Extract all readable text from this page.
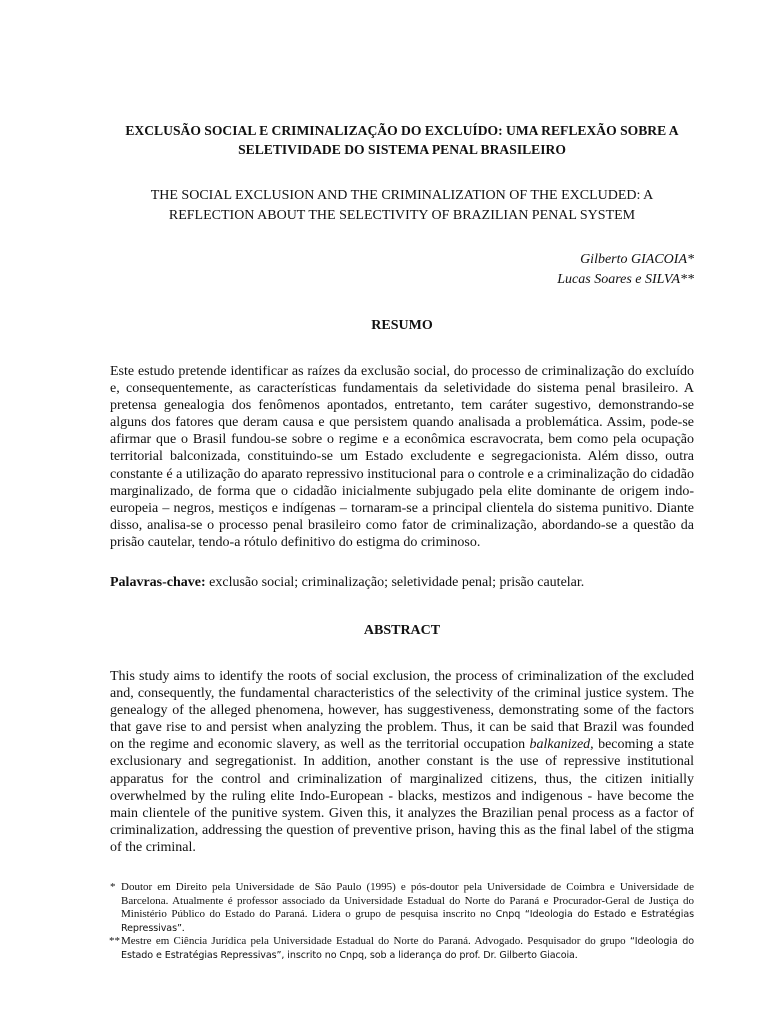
EXCLUSÃO SOCIAL E CRIMINALIZAÇÃO DO EXCLUÍDO: UMA REFLEXÃO SOBRE A SELETIVIDADE DO SISTEMA PENAL BRASILEIRO
THE SOCIAL EXCLUSION AND THE CRIMINALIZATION OF THE EXCLUDED: A REFLECTION ABOUT THE SELECTIVITY OF BRAZILIAN PENAL SYSTEM
Gilberto GIACOIA*
Lucas Soares e SILVA**
RESUMO

Este estudo pretende identificar as raízes da exclusão social, do processo de criminalização do excluído e, consequentemente, as características fundamentais da seletividade do sistema penal brasileiro. A pretensa genealogia dos fenômenos apontados, entretanto, tem caráter sugestivo, demonstrando-se alguns dos fatores que deram causa e que persistem quando analisada a problemática. Assim, pode-se afirmar que o Brasil fundou-se sobre o regime e a econômica escravocrata, bem como pela ocupação territorial balconizada, constituindo-se um Estado excludente e segregacionista. Além disso, outra constante é a utilização do aparato repressivo institucional para o controle e a criminalização do cidadão marginalizado, de forma que o cidadão inicialmente subjugado pela elite dominante de origem indo-europeia – negros, mestiços e indígenas – tornaram-se a principal clientela do sistema punitivo. Diante disso, analisa-se o processo penal brasileiro como fator de criminalização, abordando-se a questão da prisão cautelar, tendo-a rótulo definitivo do estigma do criminoso.

Palavras-chave: exclusão social; criminalização; seletividade penal; prisão cautelar.

ABSTRACT

This study aims to identify the roots of social exclusion, the process of criminalization of the excluded and, consequently, the fundamental characteristics of the selectivity of the criminal justice system. The genealogy of the alleged phenomena, however, has suggestiveness, demonstrating some of the factors that gave rise to and persist when analyzing the problem. Thus, it can be said that Brazil was founded on the regime and economic slavery, as well as the territorial occupation balkanized, becoming a state exclusionary and segregationist. In addition, another constant is the use of repressive institutional apparatus for the control and criminalization of marginalized citizens, thus, the citizen initially overwhelmed by the ruling elite Indo-European - blacks, mestizos and indigenous - have become the main clientele of the punitive system. Given this, it analyzes the Brazilian penal process as a factor of criminalization, addressing the question of preventive prison, having this as the final label of the stigma of the criminal.

* Doutor em Direito pela Universidade de São Paulo (1995) e pós-doutor pela Universidade de Coimbra e Universidade de Barcelona. Atualmente é professor associado da Universidade Estadual do Norte do Paraná e Procurador-Geral de Justiça do Ministério Público do Estado do Paraná. Lidera o grupo de pesquisa inscrito no Cnpq “Ideologia do Estado e Estratégias Repressivas”.

** Mestre em Ciência Jurídica pela Universidade Estadual do Norte do Paraná. Advogado. Pesquisador do grupo “Ideologia do Estado e Estratégias Repressivas”, inscrito no Cnpq, sob a liderança do prof. Dr. Gilberto Giacoia.
